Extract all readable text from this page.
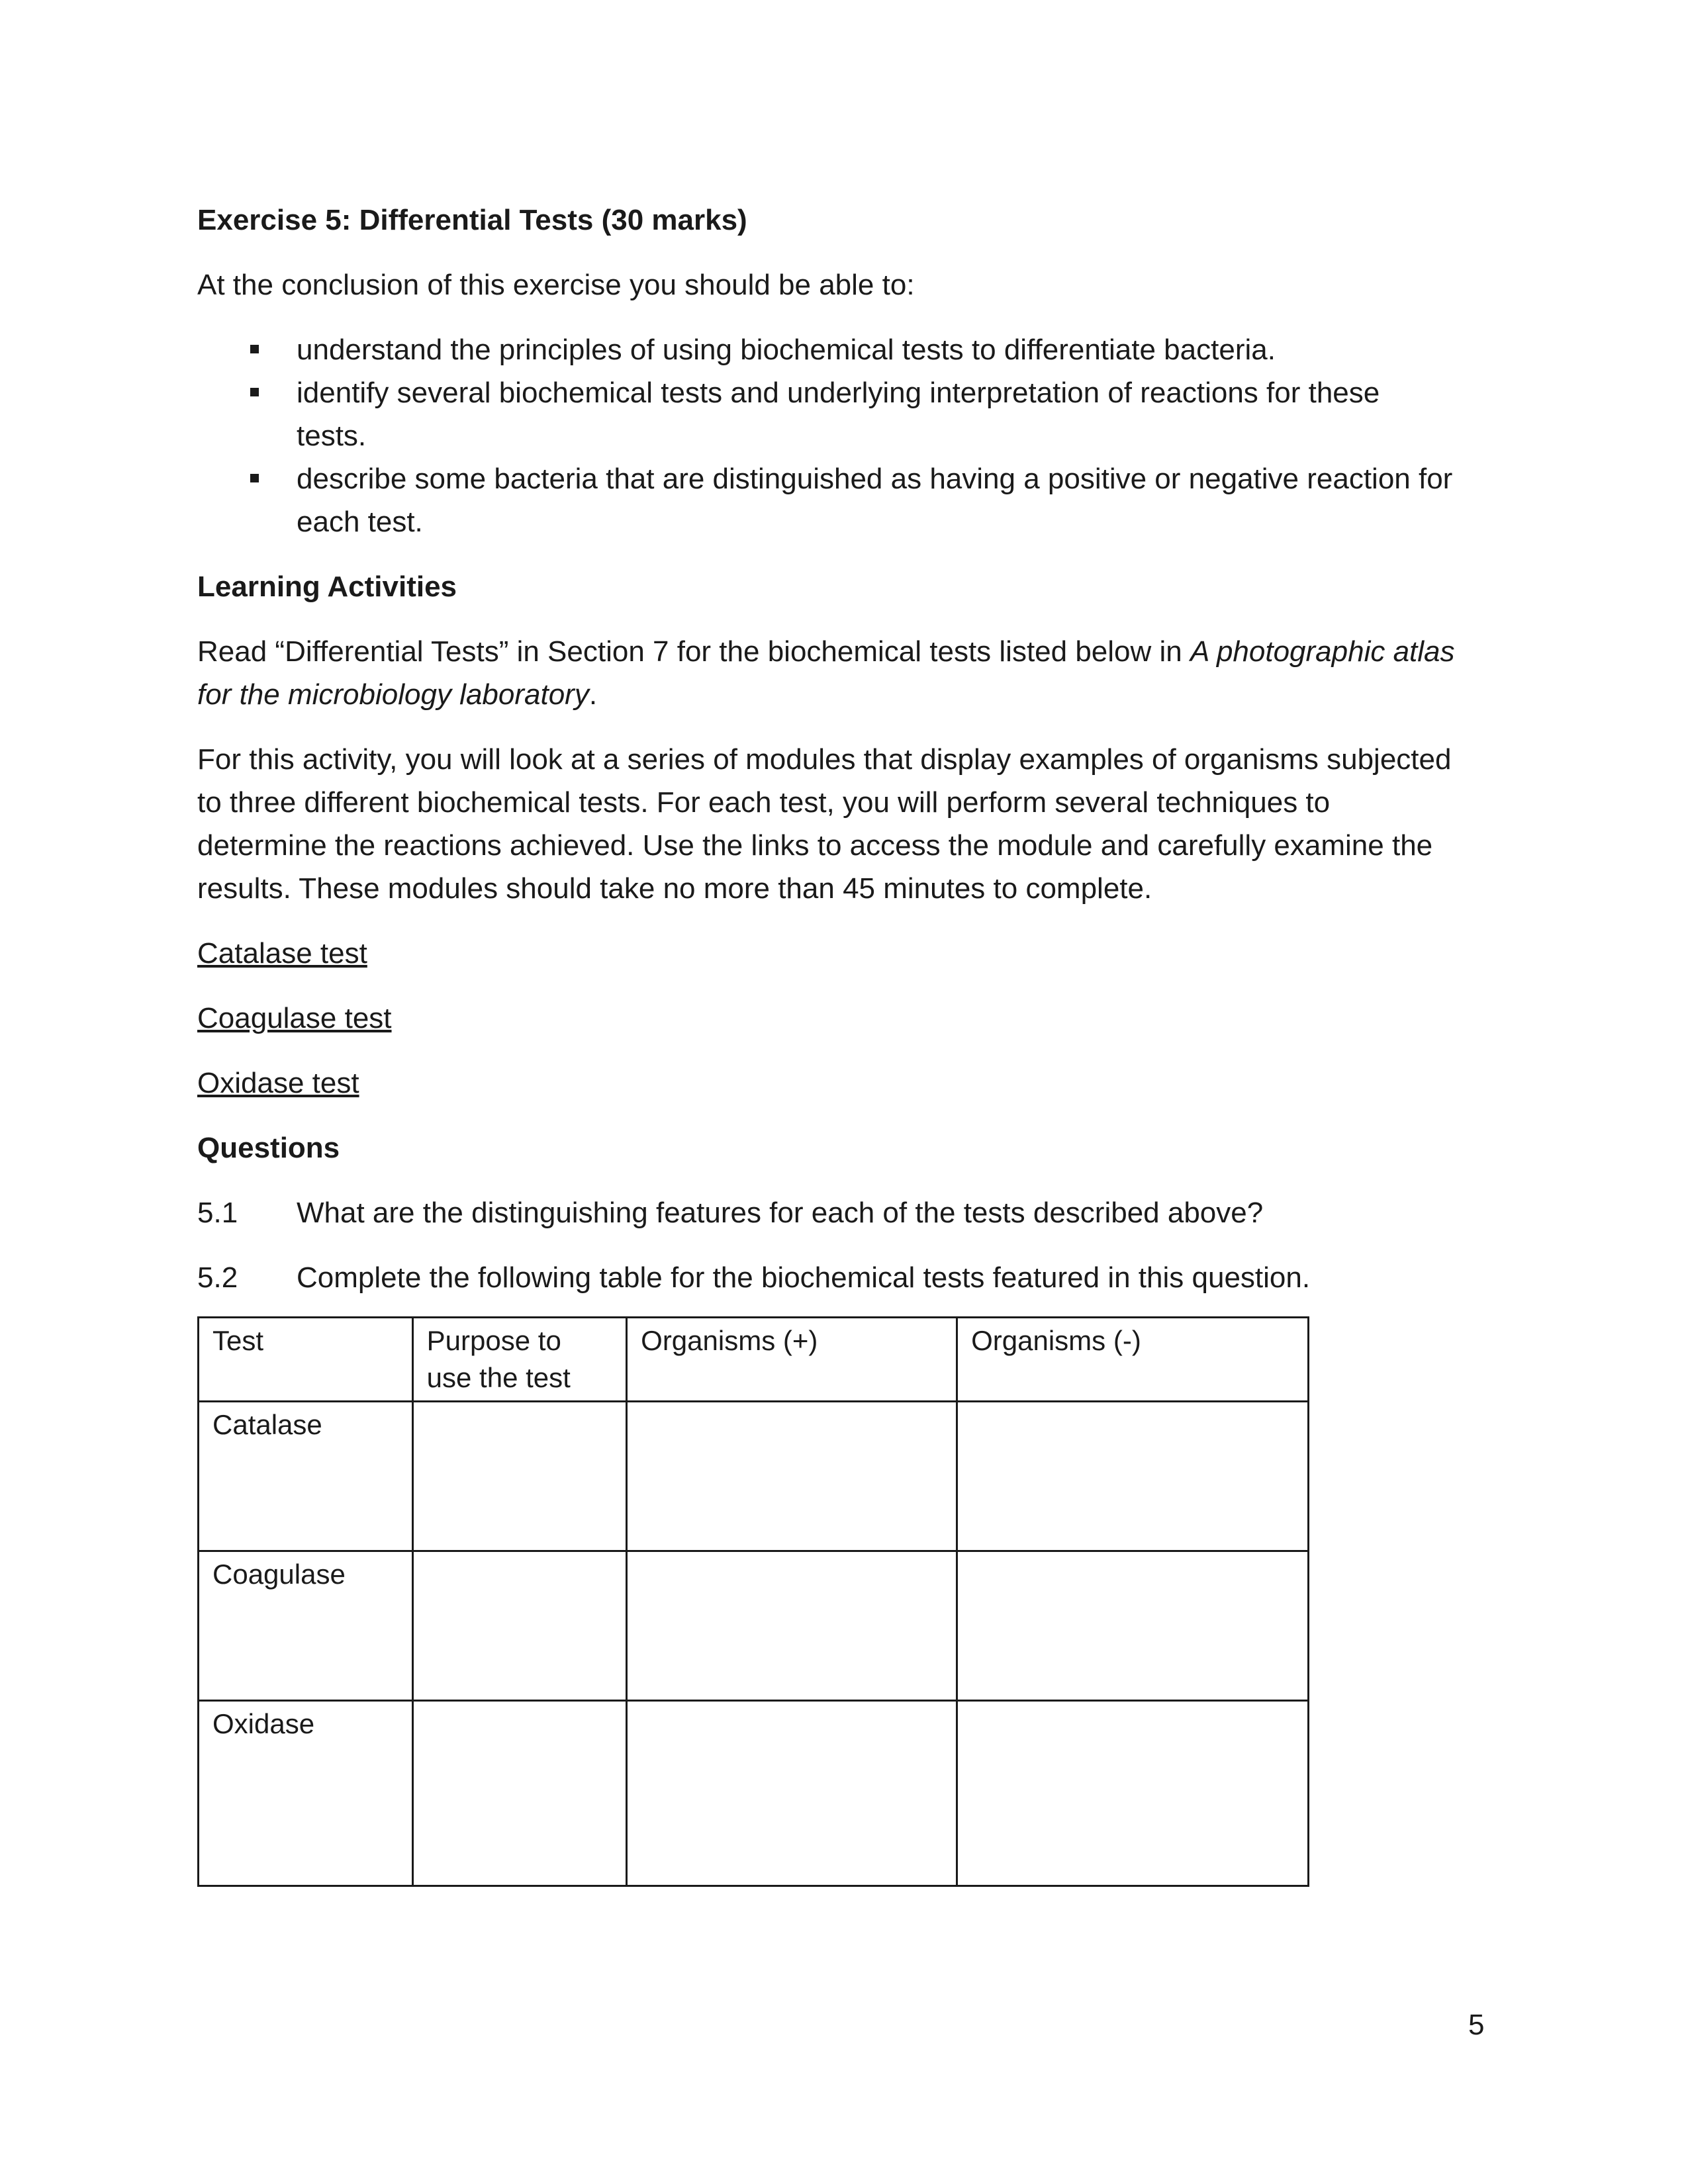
Exercise 5: Differential Tests (30 marks)

At the conclusion of this exercise you should be able to:

understand the principles of using biochemical tests to differentiate bacteria.
identify several biochemical tests and underlying interpretation of reactions for these tests.
describe some bacteria that are distinguished as having a positive or negative reaction for each test.

Learning Activities

Read “Differential Tests” in Section 7 for the biochemical tests listed below in A photographic atlas for the microbiology laboratory.

For this activity, you will look at a series of modules that display examples of organisms subjected to three different biochemical tests. For each test, you will perform several techniques to determine the reactions achieved. Use the links to access the module and carefully examine the results. These modules should take no more than 45 minutes to complete.

Catalase test

Coagulase test

Oxidase test

Questions

5.1 What are the distinguishing features for each of the tests described above?
5.2 Complete the following table for the biochemical tests featured in this question.
Test	Purpose to use the test	Organisms (+)	Organisms (-)
Catalase			
Coagulase			
Oxidase			
5
